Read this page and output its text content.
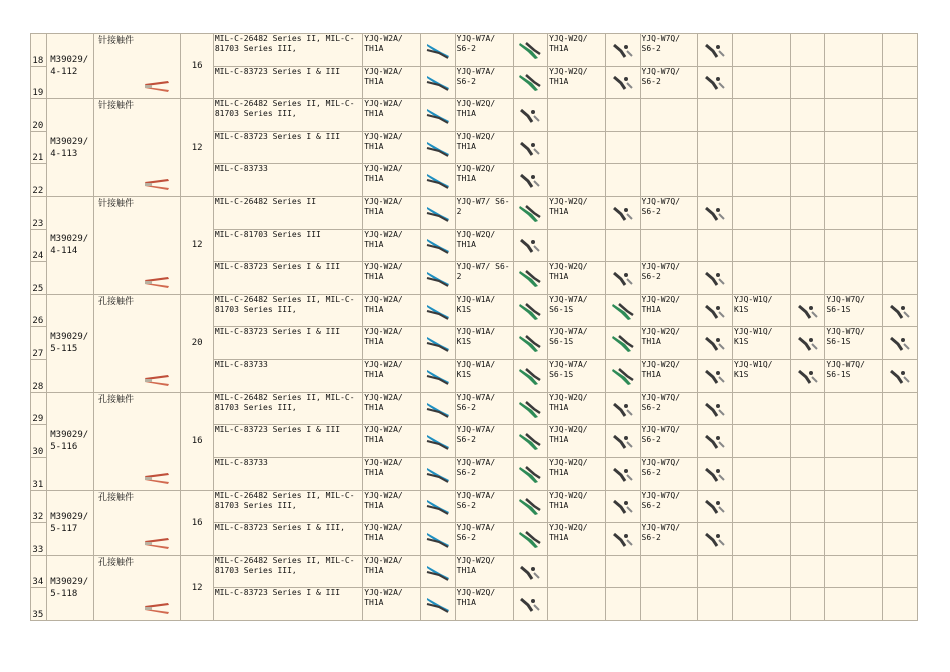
18	M39029/ 4-112	针接触件	16	MIL-C-26482 Series II, MIL-C-81703 Series III,	YJQ-W2A/ TH1A		YJQ-W7A/ S6-2		YJQ-W2Q/ TH1A		YJQ-W7Q/ S6-2	

19				MIL-C-83723 Series I & III	YJQ-W2A/ TH1A		YJQ-W7A/ S6-2		YJQ-W2Q/ TH1A		YJQ-W7Q/ S6-2	

20	M39029/ 4-113	针接触件	12	MIL-C-26482 Series II, MIL-C-81703 Series III,	YJQ-W2A/ TH1A		YJQ-W2Q/ TH1A	

21				MIL-C-83723 Series I & III	YJQ-W2A/ TH1A		YJQ-W2Q/ TH1A	

22				MIL-C-83733	YJQ-W2A/ TH1A		YJQ-W2Q/ TH1A	

23	M39029/ 4-114	针接触件	12	MIL-C-26482 Series II	YJQ-W2A/ TH1A		YJQ-W7/ S6-2		YJQ-W2Q/ TH1A		YJQ-W7Q/ S6-2	

24				MIL-C-81703 Series III	YJQ-W2A/ TH1A		YJQ-W2Q/ TH1A	

25				MIL-C-83723 Series I & III	YJQ-W2A/ TH1A		YJQ-W7/ S6-2		YJQ-W2Q/ TH1A		YJQ-W7Q/ S6-2	

26	M39029/ 5-115	孔接触件	20	MIL-C-26482 Series II, MIL-C-81703 Series III,	YJQ-W2A/ TH1A		YJQ-W1A/ K1S		YJQ-W7A/ S6-1S		YJQ-W2Q/ TH1A		YJQ-W1Q/ K1S		YJQ-W7Q/ S6-1S	

27				MIL-C-83723 Series I & III	YJQ-W2A/ TH1A		YJQ-W1A/ K1S		YJQ-W7A/ S6-1S		YJQ-W2Q/ TH1A		YJQ-W1Q/ K1S		YJQ-W7Q/ S6-1S	

28				MIL-C-83733	YJQ-W2A/ TH1A		YJQ-W1A/ K1S		YJQ-W7A/ S6-1S		YJQ-W2Q/ TH1A		YJQ-W1Q/ K1S		YJQ-W7Q/ S6-1S	

29	M39029/ 5-116	孔接触件	16	MIL-C-26482 Series II, MIL-C-81703 Series III,	YJQ-W2A/ TH1A		YJQ-W7A/ S6-2		YJQ-W2Q/ TH1A		YJQ-W7Q/ S6-2	

30				MIL-C-83723 Series I & III	YJQ-W2A/ TH1A		YJQ-W7A/ S6-2		YJQ-W2Q/ TH1A		YJQ-W7Q/ S6-2	

31				MIL-C-83733	YJQ-W2A/ TH1A		YJQ-W7A/ S6-2		YJQ-W2Q/ TH1A		YJQ-W7Q/ S6-2	

32	M39029/ 5-117	孔接触件	16	MIL-C-26482 Series II, MIL-C-81703 Series III,	YJQ-W2A/ TH1A		YJQ-W7A/ S6-2		YJQ-W2Q/ TH1A		YJQ-W7Q/ S6-2	

33				MIL-C-83723 Series I & III,	YJQ-W2A/ TH1A		YJQ-W7A/ S6-2		YJQ-W2Q/ TH1A		YJQ-W7Q/ S6-2	

34	M39029/ 5-118	孔接触件	12	MIL-C-26482 Series II, MIL-C-81703 Series III,	YJQ-W2A/ TH1A		YJQ-W2Q/ TH1A	

35				MIL-C-83723 Series I & III	YJQ-W2A/ TH1A		YJQ-W2Q/ TH1A	
